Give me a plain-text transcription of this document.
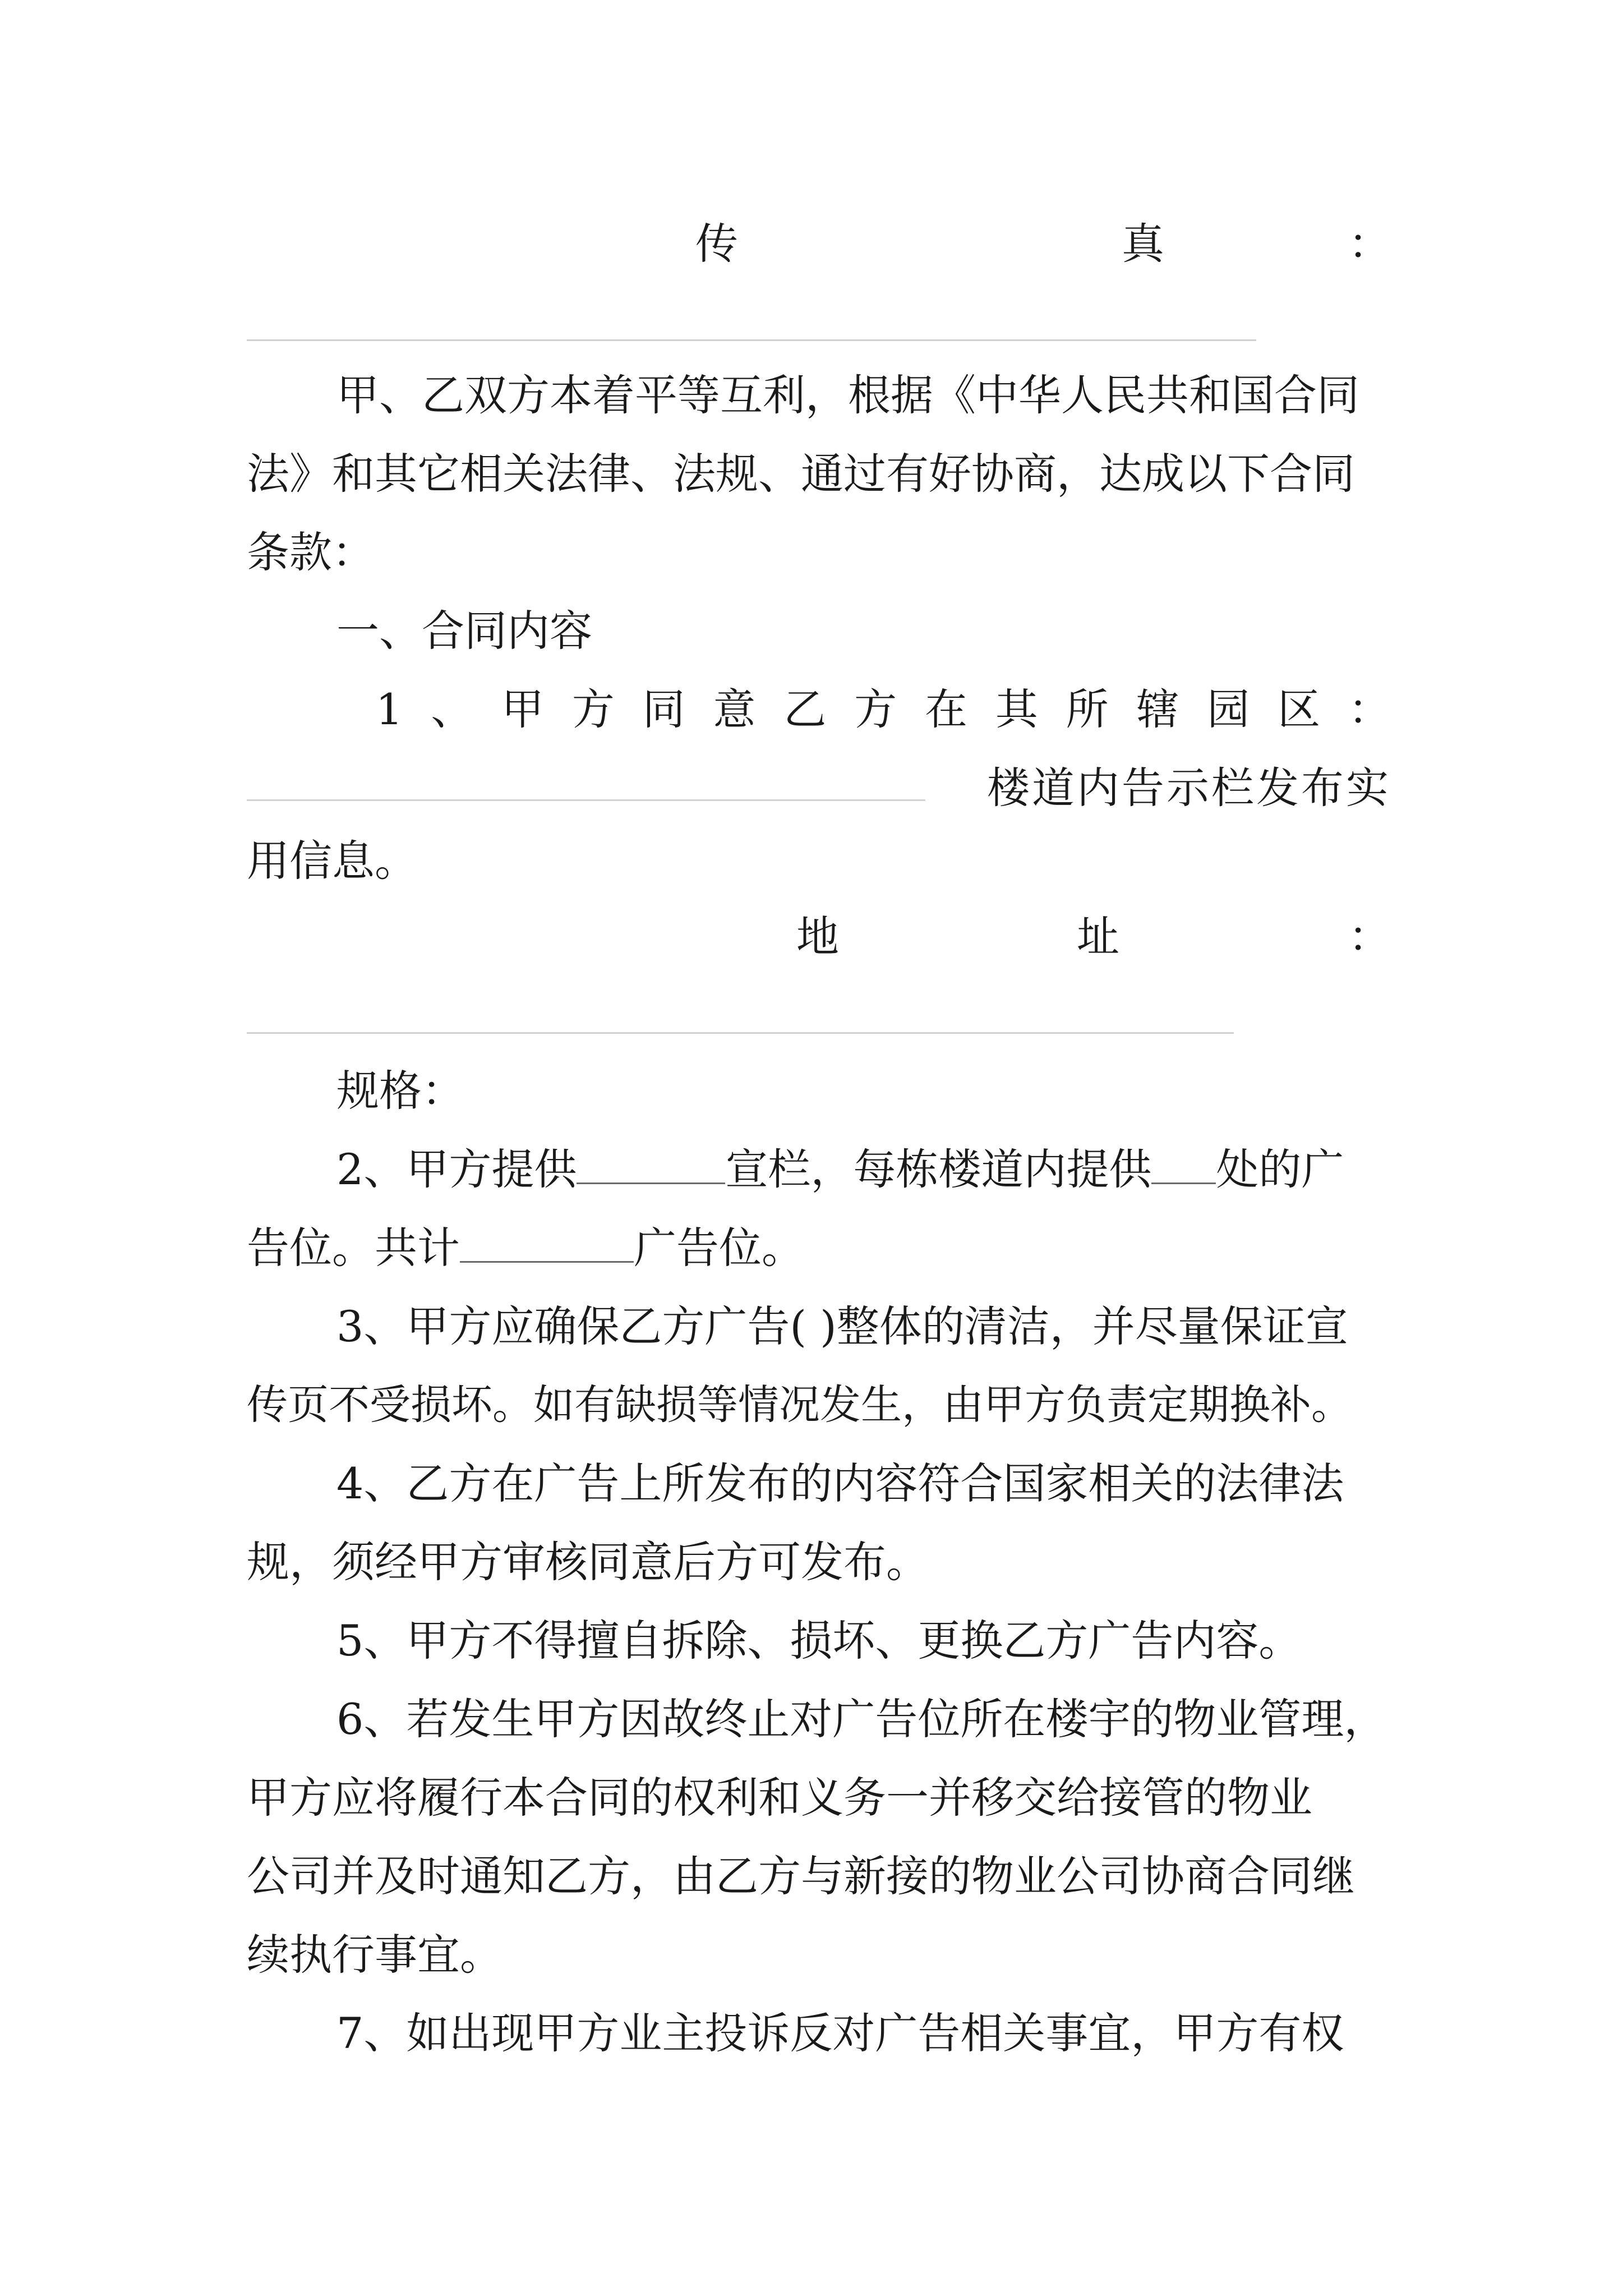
传	真	：

甲、乙双方本着平等互利，根据《中华人民共和国合同

法》和其它相关法律、法规、通过有好协商，达成以下合同

条款：

一、合同内容

1 、 甲 方 同 意 乙 方 在 其 所 辖 园 区 ：
楼道内告示栏发布实

用信息。

地	址	：

规格：

2、甲方提供	宣栏，每栋楼道内提供 处的广
告位。共计	广告位。

3、甲方应确保乙方广告( )整体的清洁，并尽量保证宣

传页不受损坏。如有缺损等情况发生，由甲方负责定期换补。

4、乙方在广告上所发布的内容符合国家相关的法律法

规，须经甲方审核同意后方可发布。

5、甲方不得擅自拆除、损坏、更换乙方广告内容。

6、若发生甲方因故终止对广告位所在楼宇的物业管理，

甲方应将履行本合同的权利和义务一并移交给接管的物业

公司并及时通知乙方，由乙方与新接的物业公司协商合同继

续执行事宜。

7、如出现甲方业主投诉反对广告相关事宜，甲方有权
